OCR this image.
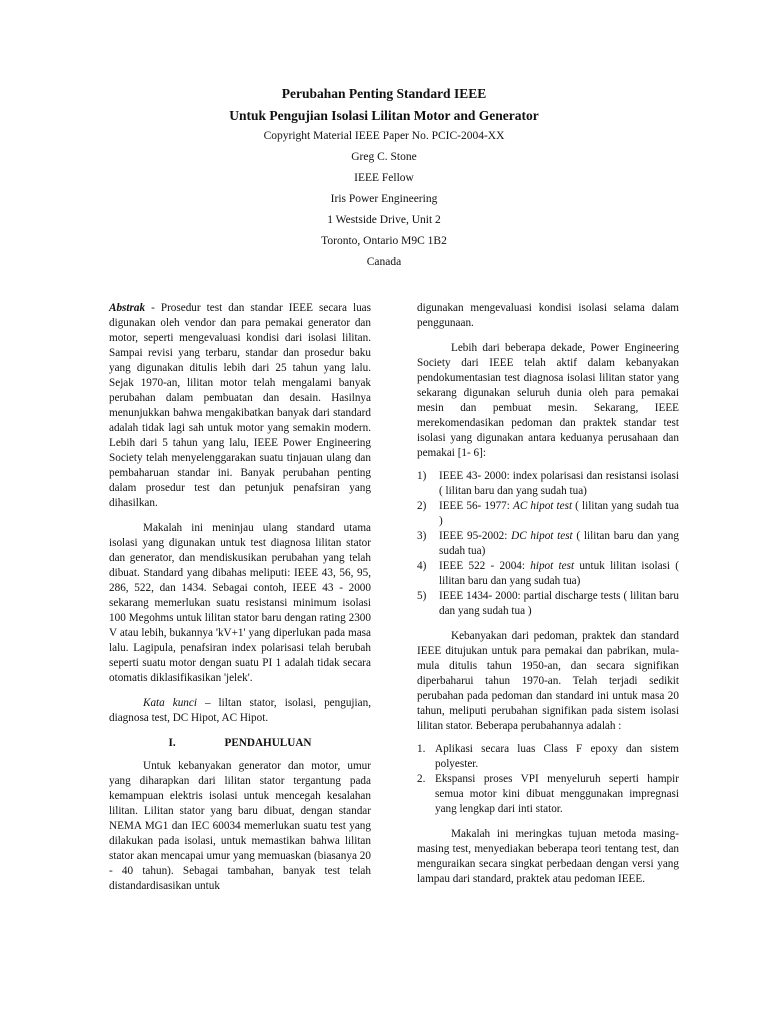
Perubahan Penting Standard IEEE
Untuk Pengujian Isolasi Lilitan Motor and Generator
Copyright Material IEEE Paper No. PCIC-2004-XX
Greg C. Stone
IEEE Fellow
Iris Power Engineering
1 Westside Drive, Unit 2
Toronto, Ontario M9C 1B2
Canada

Abstrak - Prosedur test dan standar IEEE secara luas digunakan oleh vendor dan para pemakai generator dan motor, seperti mengevaluasi kondisi dari isolasi lilitan. Sampai revisi yang terbaru, standar dan prosedur baku yang digunakan ditulis lebih dari 25 tahun yang lalu. Sejak 1970-an, lilitan motor telah mengalami banyak perubahan dalam pembuatan dan desain. Hasilnya menunjukkan bahwa mengakibatkan banyak dari standard adalah tidak lagi sah untuk motor yang semakin modern. Lebih dari 5 tahun yang lalu, IEEE Power Engineering Society telah menyelenggarakan suatu tinjauan ulang dan pembaharuan standar ini. Banyak perubahan penting dalam prosedur test dan petunjuk penafsiran yang dihasilkan.

Makalah ini meninjau ulang standard utama isolasi yang digunakan untuk test diagnosa lilitan stator dan generator, dan mendiskusikan perubahan yang telah dibuat. Standard yang dibahas meliputi: IEEE 43, 56, 95, 286, 522, dan 1434. Sebagai contoh, IEEE 43 - 2000 sekarang memerlukan suatu resistansi minimum isolasi 100 Megohms untuk lilitan stator baru dengan rating 2300 V atau lebih, bukannya 'kV+1' yang diperlukan pada masa lalu. Lagipula, penafsiran index polarisasi telah berubah seperti suatu motor dengan suatu PI 1 adalah tidak secara otomatis diklasifikasikan 'jelek'.

Kata kunci – liltan stator, isolasi, pengujian, diagnosa test, DC Hipot, AC Hipot.

I.	PENDAHULUAN

Untuk kebanyakan generator dan motor, umur yang diharapkan dari lilitan stator tergantung pada kemampuan elektris isolasi untuk mencegah kesalahan lilitan. Lilitan stator yang baru dibuat, dengan standar NEMA MG1 dan IEC 60034 memerlukan suatu test yang dilakukan pada isolasi, untuk memastikan bahwa lilitan stator akan mencapai umur yang memuaskan (biasanya 20 - 40 tahun). Sebagai tambahan, banyak test telah distandardisasikan untuk

digunakan mengevaluasi kondisi isolasi selama dalam penggunaan.

Lebih dari beberapa dekade, Power Engineering Society dari IEEE telah aktif dalam kebanyakan pendokumentasian test diagnosa isolasi lilitan stator yang sekarang digunakan seluruh dunia oleh para pemakai mesin dan pembuat mesin. Sekarang, IEEE merekomendasikan pedoman dan praktek standar test isolasi yang digunakan antara keduanya perusahaan dan pemakai [1- 6]:

1) IEEE 43- 2000: index polarisasi dan resistansi isolasi ( lilitan baru dan yang sudah tua)
2) IEEE 56- 1977: AC hipot test ( lilitan yang sudah tua )
3) IEEE 95-2002: DC hipot test ( lilitan baru dan yang sudah tua)
4) IEEE 522 - 2004: hipot test untuk lilitan isolasi ( lilitan baru dan yang sudah tua)
5) IEEE 1434- 2000: partial discharge tests ( lilitan baru dan yang sudah tua )

Kebanyakan dari pedoman, praktek dan standard IEEE ditujukan untuk para pemakai dan pabrikan, mula-mula ditulis tahun 1950-an, dan secara signifikan diperbaharui tahun 1970-an. Telah terjadi sedikit perubahan pada pedoman dan standard ini untuk masa 20 tahun, meliputi perubahan signifikan pada sistem isolasi lilitan stator. Beberapa perubahannya adalah :

1. Aplikasi secara luas Class F epoxy dan sistem polyester.
2. Ekspansi proses VPI menyeluruh seperti hampir semua motor kini dibuat menggunakan impregnasi yang lengkap dari inti stator.

Makalah ini meringkas tujuan metoda masing-masing test, menyediakan beberapa teori tentang test, dan menguraikan secara singkat perbedaan dengan versi yang lampau dari standard, praktek atau pedoman IEEE.
